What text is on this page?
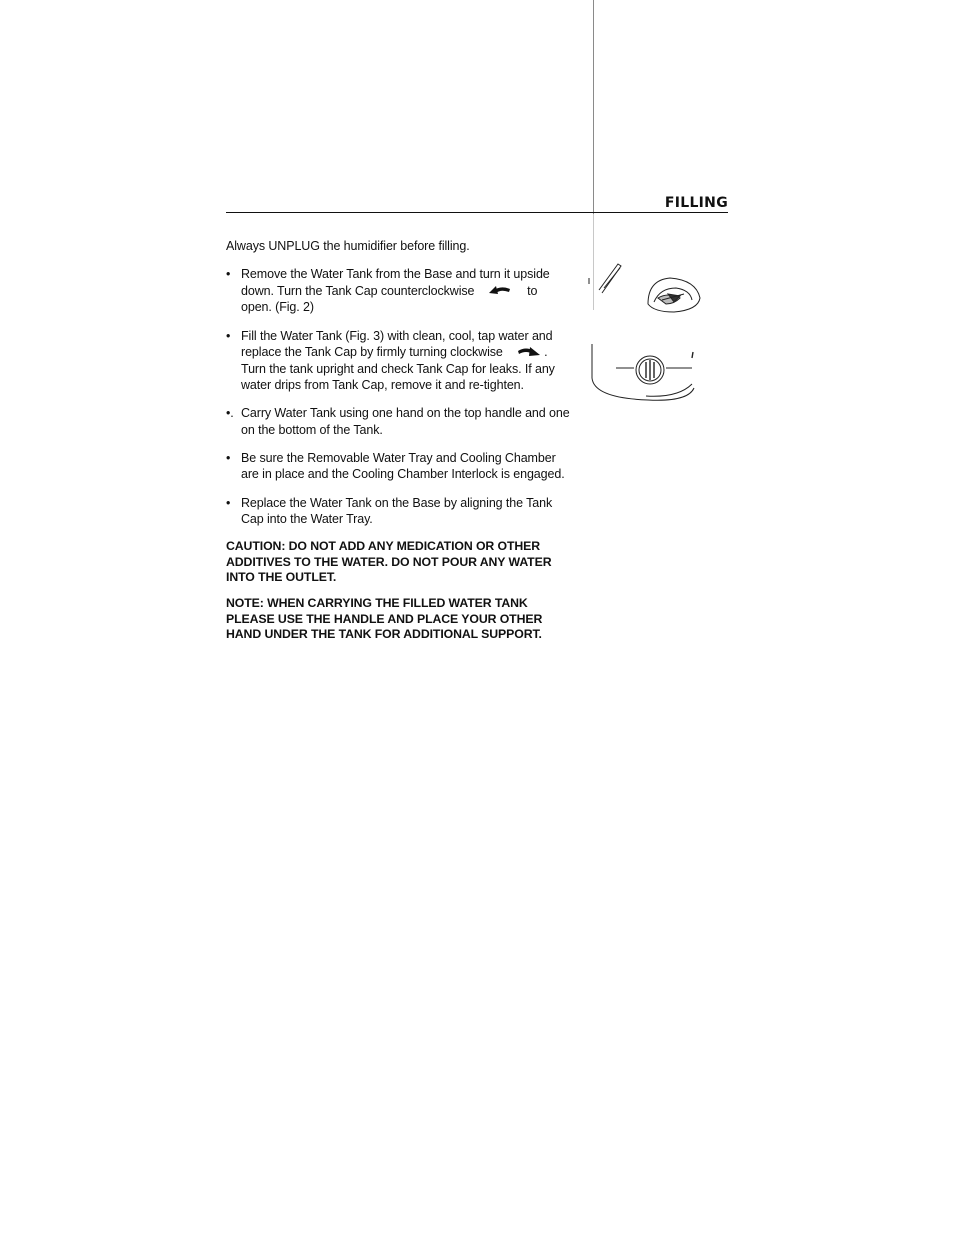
FILLING

Always UNPLUG the humidifier before filling.

• Remove the Water Tank from the Base and turn it upside down. Turn the Tank Cap counterclockwise	to open. (Fig. 2)
• Fill the Water Tank (Fig. 3) with clean, cool, tap water and replace the Tank Cap by firmly turning clockwise	. Turn the tank upright and check Tank Cap for leaks. If any water drips from Tank Cap, remove it and re-tighten.
•. Carry Water Tank using one hand on the top handle and one on the bottom of the Tank.
• Be sure the Removable Water Tray and Cooling Chamber are in place and the Cooling Chamber Interlock is engaged.
• Replace the Water Tank on the Base by aligning the Tank Cap into the Water Tray.

CAUTION: DO NOT ADD ANY MEDICATION OR OTHER ADDITIVES TO THE WATER. DO NOT POUR ANY WATER INTO THE OUTLET.

NOTE: WHEN CARRYING THE FILLED WATER TANK PLEASE USE THE HANDLE AND PLACE YOUR OTHER HAND UNDER THE TANK FOR ADDITIONAL SUPPORT.
